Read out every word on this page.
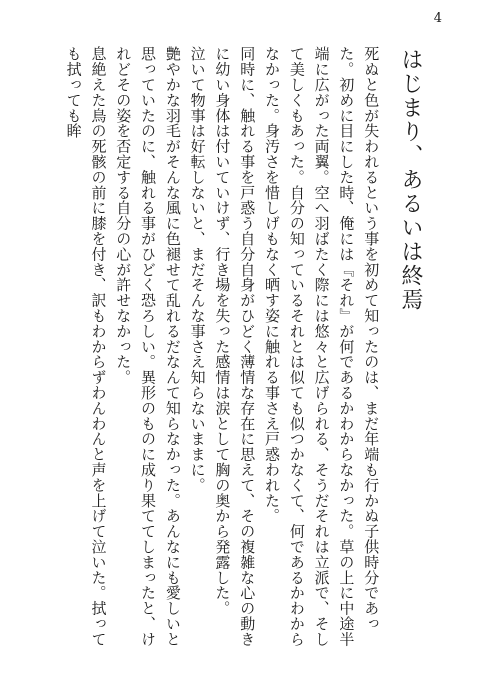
4
はじまり、あるいは終焉

死ぬと色が失われるという事を初めて知ったのは、まだ年端も行かぬ子供時分であった。初めに目にした時、俺には『それ』が何であるかわからなかった。草の上に中途半端に広がった両翼。空へ羽ばたく際には悠々と広げられる、そうだそれは立派で、そして美しくもあった。自分の知っているそれとは似ても似つかなくて、何であるかわからなかった。身汚さを惜しげもなく晒す姿に触れる事さえ戸惑われた。

同時に、触れる事を戸惑う自分自身がひどく薄情な存在に思えて、その複雑な心の動きに幼い身体は付いていけず、行き場を失った感情は涙として胸の奥から発露した。

泣いて物事は好転しないと、まだそんな事さえ知らないままに。

艶やかな羽毛がそんな風に色褪せて乱れるだなんて知らなかった。あんなにも愛しいと思っていたのに、触れる事がひどく恐ろしい。異形のものに成り果ててしまったと、けれどその姿を否定する自分の心が許せなかった。

息絶えた鳥の死骸の前に膝を付き、訳もわからずわんわんと声を上げて泣いた。拭っても拭っても眸
